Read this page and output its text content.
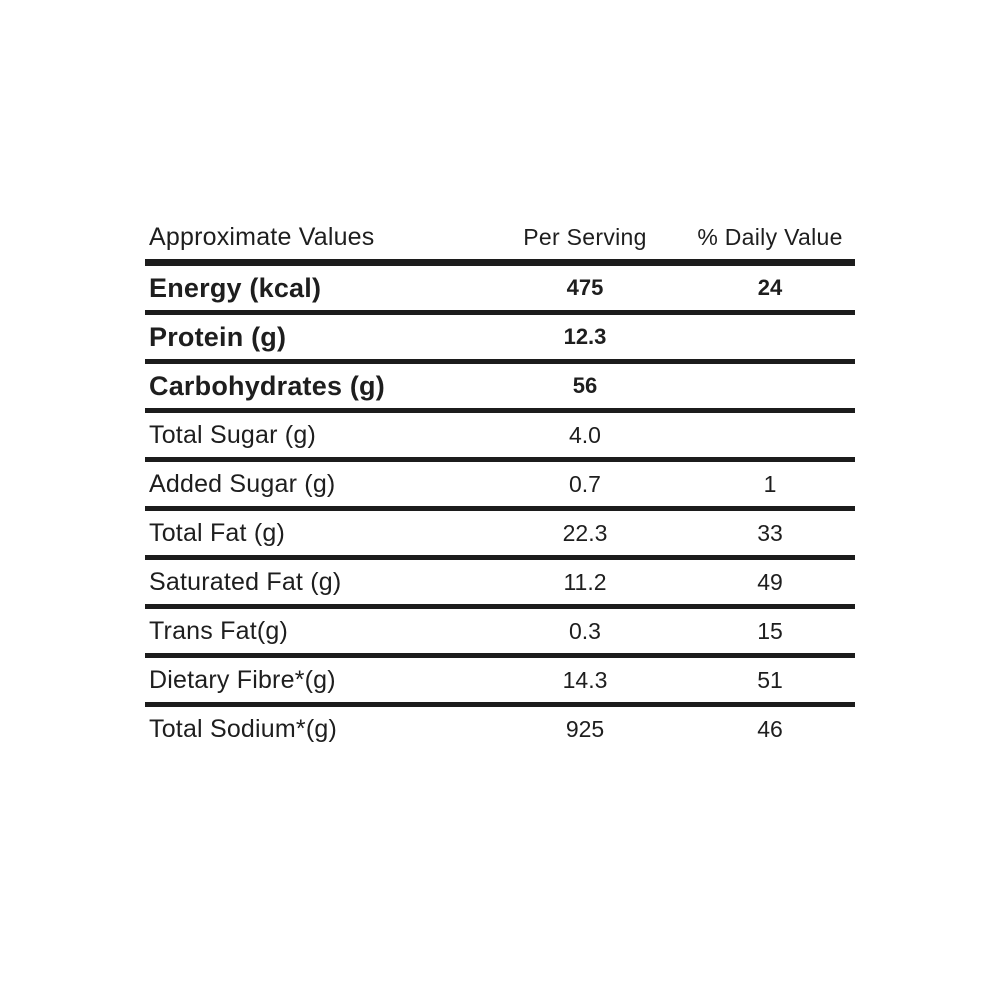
Approximate Values	Per Serving	% Daily Value
Energy (kcal)	475	24
Protein (g)	12.3
Carbohydrates (g)	56
Total Sugar (g)	4.0
Added Sugar (g)	0.7	1
Total Fat (g)	22.3	33
Saturated Fat (g)	11.2	49
Trans Fat(g)	0.3	15
Dietary Fibre*(g)	14.3	51
Total Sodium*(g)	925	46
